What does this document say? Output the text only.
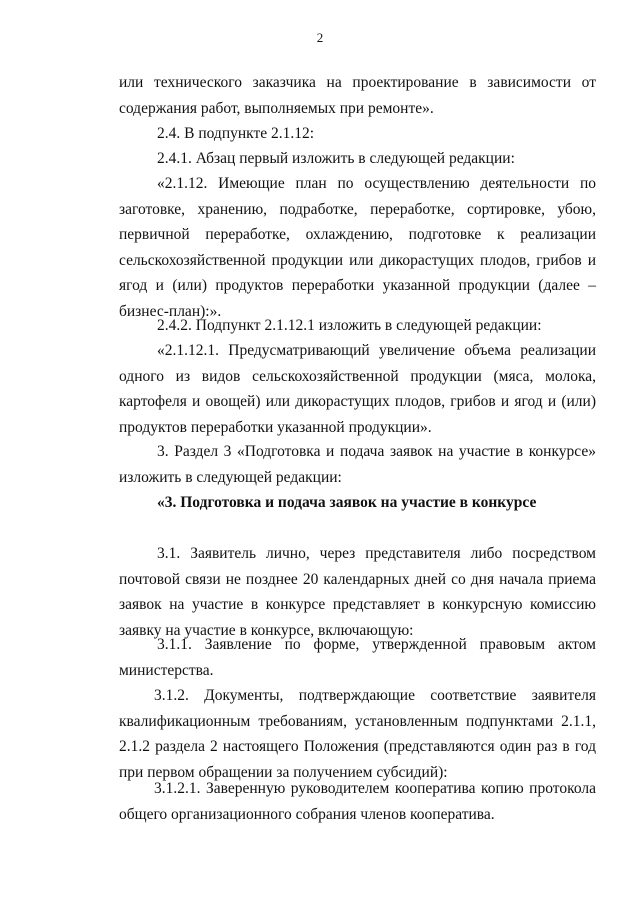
2

или технического заказчика на проектирование в зависимости от содержания работ, выполняемых при ремонте».

2.4. В подпункте 2.1.12:

2.4.1. Абзац первый изложить в следующей редакции:

«2.1.12. Имеющие план по осуществлению деятельности по заготовке, хранению, подработке, переработке, сортировке, убою, первичной переработке, охлаждению, подготовке к реализации сельскохозяйственной продукции или дикорастущих плодов, грибов и ягод и (или) продуктов переработки указанной продукции (далее – бизнес-план):».

2.4.2. Подпункт 2.1.12.1 изложить в следующей редакции:

«2.1.12.1. Предусматривающий увеличение объема реализации одного из видов сельскохозяйственной продукции (мяса, молока, картофеля и овощей) или дикорастущих плодов, грибов и ягод и (или) продуктов переработки указанной продукции».

3. Раздел 3 «Подготовка и подача заявок на участие в конкурсе» изложить в следующей редакции:

«3. Подготовка и подача заявок на участие в конкурсе

3.1. Заявитель лично, через представителя либо посредством почтовой связи не позднее 20 календарных дней со дня начала приема заявок на участие в конкурсе представляет в конкурсную комиссию заявку на участие в конкурсе, включающую:

3.1.1. Заявление по форме, утвержденной правовым актом министерства.

3.1.2. Документы, подтверждающие соответствие заявителя квалификационным требованиям, установленным подпунктами 2.1.1, 2.1.2 раздела 2 настоящего Положения (представляются один раз в год при первом обращении за получением субсидий):

3.1.2.1. Заверенную руководителем кооператива копию протокола общего организационного собрания членов кооператива.
